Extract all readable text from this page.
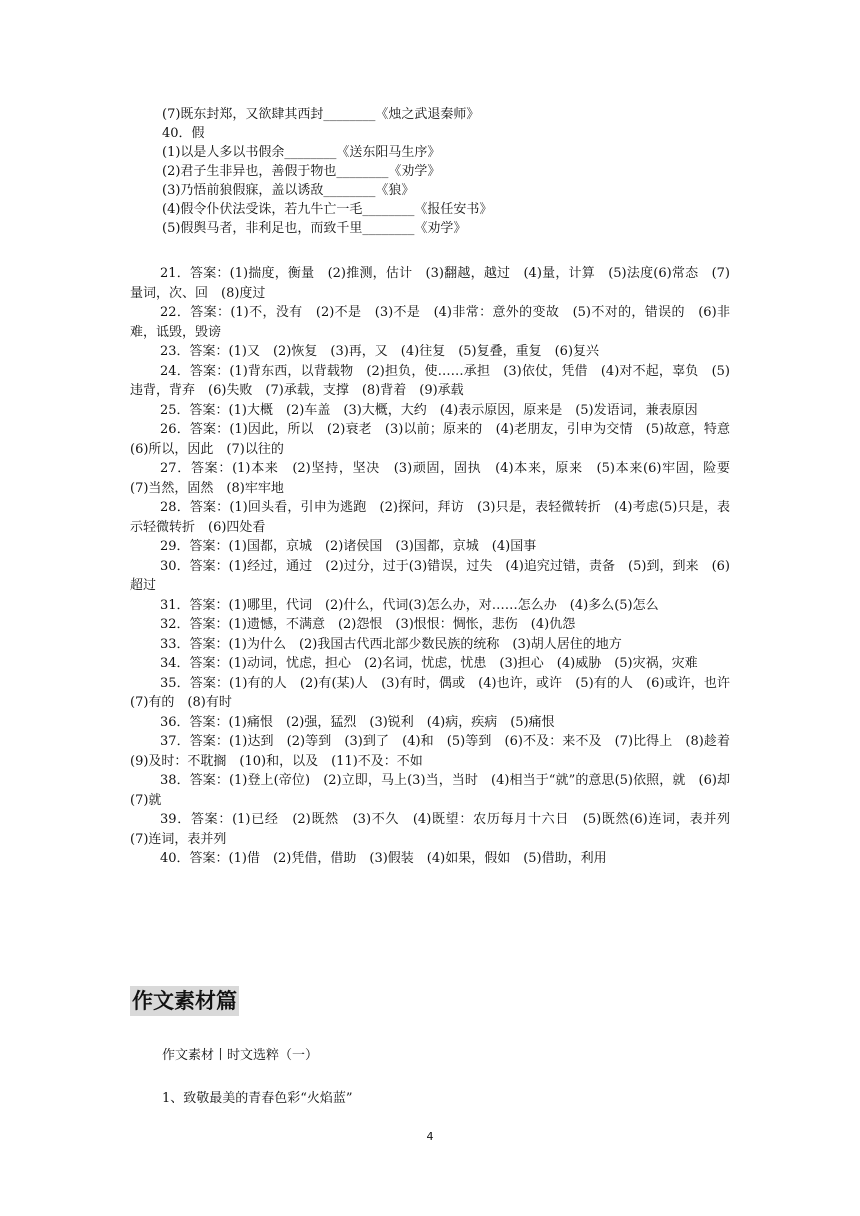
(7)既东封郑，又欲肆其西封________《烛之武退秦师》
40．假
(1)以是人多以书假余________《送东阳马生序》
(2)君子生非异也，善假于物也________《劝学》
(3)乃悟前狼假寐，盖以诱敌________《狼》
(4)假令仆伏法受诛，若九牛亡一毛________《报任安书》
(5)假舆马者，非利足也，而致千里________《劝学》

21．答案：(1)揣度，衡量　(2)推测，估计　(3)翻越，越过　(4)量，计算　(5)法度(6)常态　(7)量词，次、回　(8)度过

22．答案：(1)不，没有　(2)不是　(3)不是　(4)非常：意外的变故　(5)不对的，错误的　(6)非难，诋毁，毁谤

23．答案：(1)又　(2)恢复　(3)再，又　(4)往复　(5)复叠，重复　(6)复兴

24．答案：(1)背东西，以背载物　(2)担负，使……承担　(3)依仗，凭借　(4)对不起，辜负　(5)违背，背弃　(6)失败　(7)承载，支撑　(8)背着　(9)承载

25．答案：(1)大概　(2)车盖　(3)大概，大约　(4)表示原因，原来是　(5)发语词，兼表原因

26．答案：(1)因此，所以　(2)衰老　(3)以前；原来的　(4)老朋友，引申为交情　(5)故意，特意　(6)所以，因此　(7)以往的

27．答案：(1)本来　(2)坚持，坚决　(3)顽固，固执　(4)本来，原来　(5)本来(6)牢固，险要　(7)当然，固然　(8)牢牢地

28．答案：(1)回头看，引申为逃跑　(2)探问，拜访　(3)只是，表轻微转折　(4)考虑(5)只是，表示轻微转折　(6)四处看

29．答案：(1)国都，京城　(2)诸侯国　(3)国都，京城　(4)国事

30．答案：(1)经过，通过　(2)过分，过于(3)错误，过失　(4)追究过错，责备　(5)到，到来　(6)超过

31．答案：(1)哪里，代词　(2)什么，代词(3)怎么办，对……怎么办　(4)多么(5)怎么

32．答案：(1)遗憾，不满意　(2)怨恨　(3)恨恨：惆怅，悲伤　(4)仇怨

33．答案：(1)为什么　(2)我国古代西北部少数民族的统称　(3)胡人居住的地方

34．答案：(1)动词，忧虑，担心　(2)名词，忧虑，忧患　(3)担心　(4)威胁　(5)灾祸，灾难

35．答案：(1)有的人　(2)有(某)人　(3)有时，偶或　(4)也许，或许　(5)有的人　(6)或许，也许　(7)有的　(8)有时

36．答案：(1)痛恨　(2)强，猛烈　(3)锐利　(4)病，疾病　(5)痛恨

37．答案：(1)达到　(2)等到　(3)到了　(4)和　(5)等到　(6)不及：来不及　(7)比得上　(8)趁着　(9)及时：不耽搁　(10)和，以及　(11)不及：不如

38．答案：(1)登上(帝位)　(2)立即，马上(3)当，当时　(4)相当于“就”的意思(5)依照，就　(6)却　(7)就

39．答案：(1)已经　(2)既然　(3)不久　(4)既望：农历每月十六日　(5)既然(6)连词，表并列　(7)连词，表并列

40．答案：(1)借　(2)凭借，借助　(3)假装　(4)如果，假如　(5)借助，利用

作文素材篇
作文素材丨时文选粹（一）
1、致敬最美的青春色彩“火焰蓝”
4
